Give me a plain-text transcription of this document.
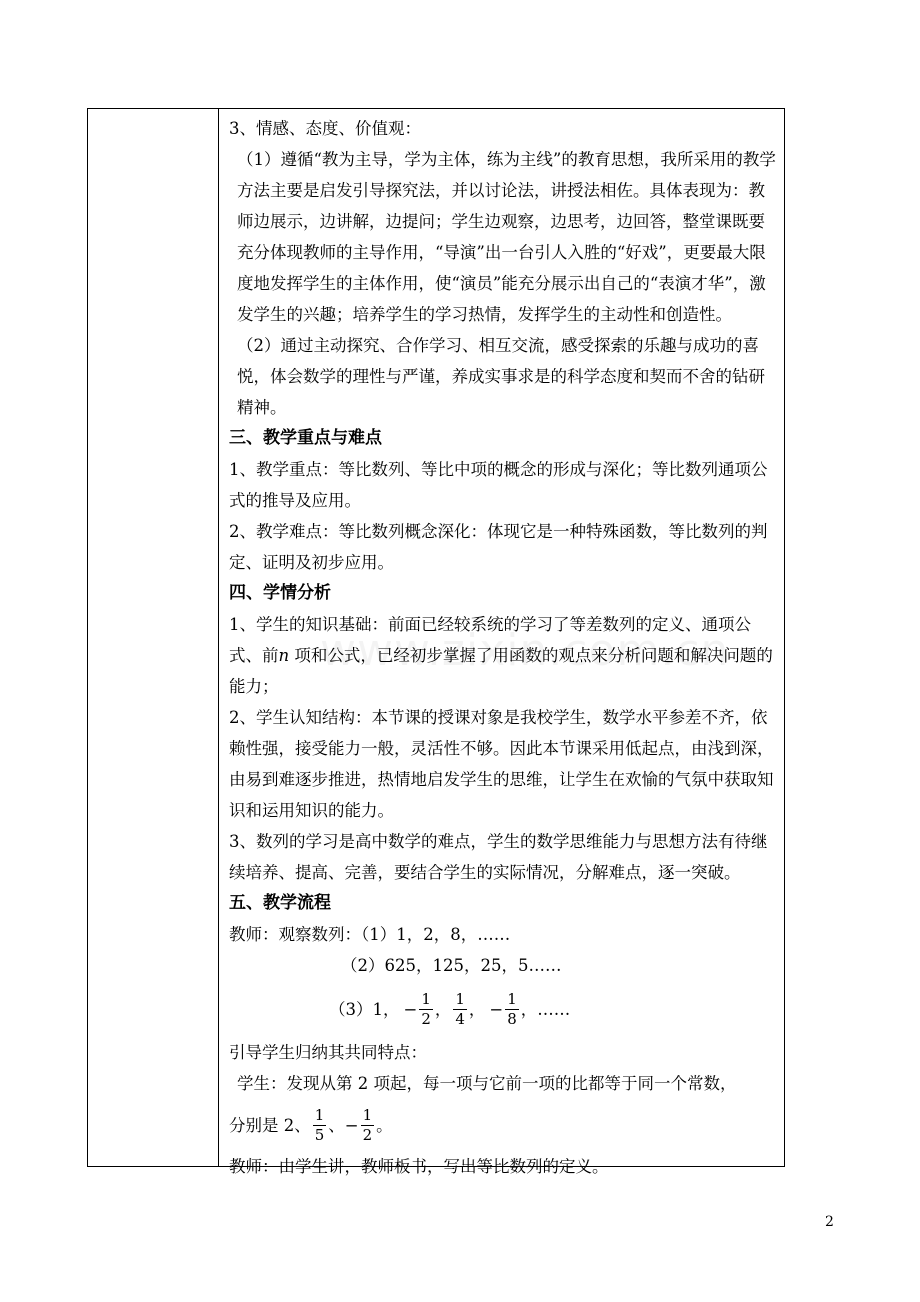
3、情感、态度、价值观：

（1）遵循“教为主导，学为主体，练为主线”的教育思想，我所采用的教学方法主要是启发引导探究法，并以讨论法，讲授法相佐。具体表现为：教师边展示，边讲解，边提问；学生边观察，边思考，边回答，整堂课既要充分体现教师的主导作用，“导演”出一台引人入胜的“好戏”，更要最大限度地发挥学生的主体作用，使“演员”能充分展示出自己的“表演才华”，激发学生的兴趣；培养学生的学习热情，发挥学生的主动性和创造性。

（2）通过主动探究、合作学习、相互交流，感受探索的乐趣与成功的喜悦，体会数学的理性与严谨，养成实事求是的科学态度和契而不舍的钻研精神。

三、教学重点与难点

1、教学重点：等比数列、等比中项的概念的形成与深化；等比数列通项公式的推导及应用。

2、教学难点：等比数列概念深化：体现它是一种特殊函数，等比数列的判定、证明及初步应用。

四、学情分析

1、学生的知识基础：前面已经较系统的学习了等差数列的定义、通项公式、前n 项和公式，已经初步掌握了用函数的观点来分析问题和解决问题的能力；

2、学生认知结构：本节课的授课对象是我校学生，数学水平参差不齐，依赖性强，接受能力一般，灵活性不够。因此本节课采用低起点，由浅到深，由易到难逐步推进，热情地启发学生的思维，让学生在欢愉的气氛中获取知识和运用知识的能力。

3、数列的学习是高中数学的难点，学生的数学思维能力与思想方法有待继续培养、提高、完善，要结合学生的实际情况，分解难点，逐一突破。

五、教学流程

教师：观察数列：（1）1，2，8，……

（2）625，125，25，5……

（3）1， − $\frac{1}{2}$ ， $\frac{1}{4}$ ， − $\frac{1}{8}$ ，……

引导学生归纳其共同特点：

学生：发现从第 2 项起，每一项与它前一项的比都等于同一个常数，

分别是 2、 $\frac{1}{5}$ 、 − $\frac{1}{2}$ 。

教师：由学生讲，教师板书，写出等比数列的定义。

2
